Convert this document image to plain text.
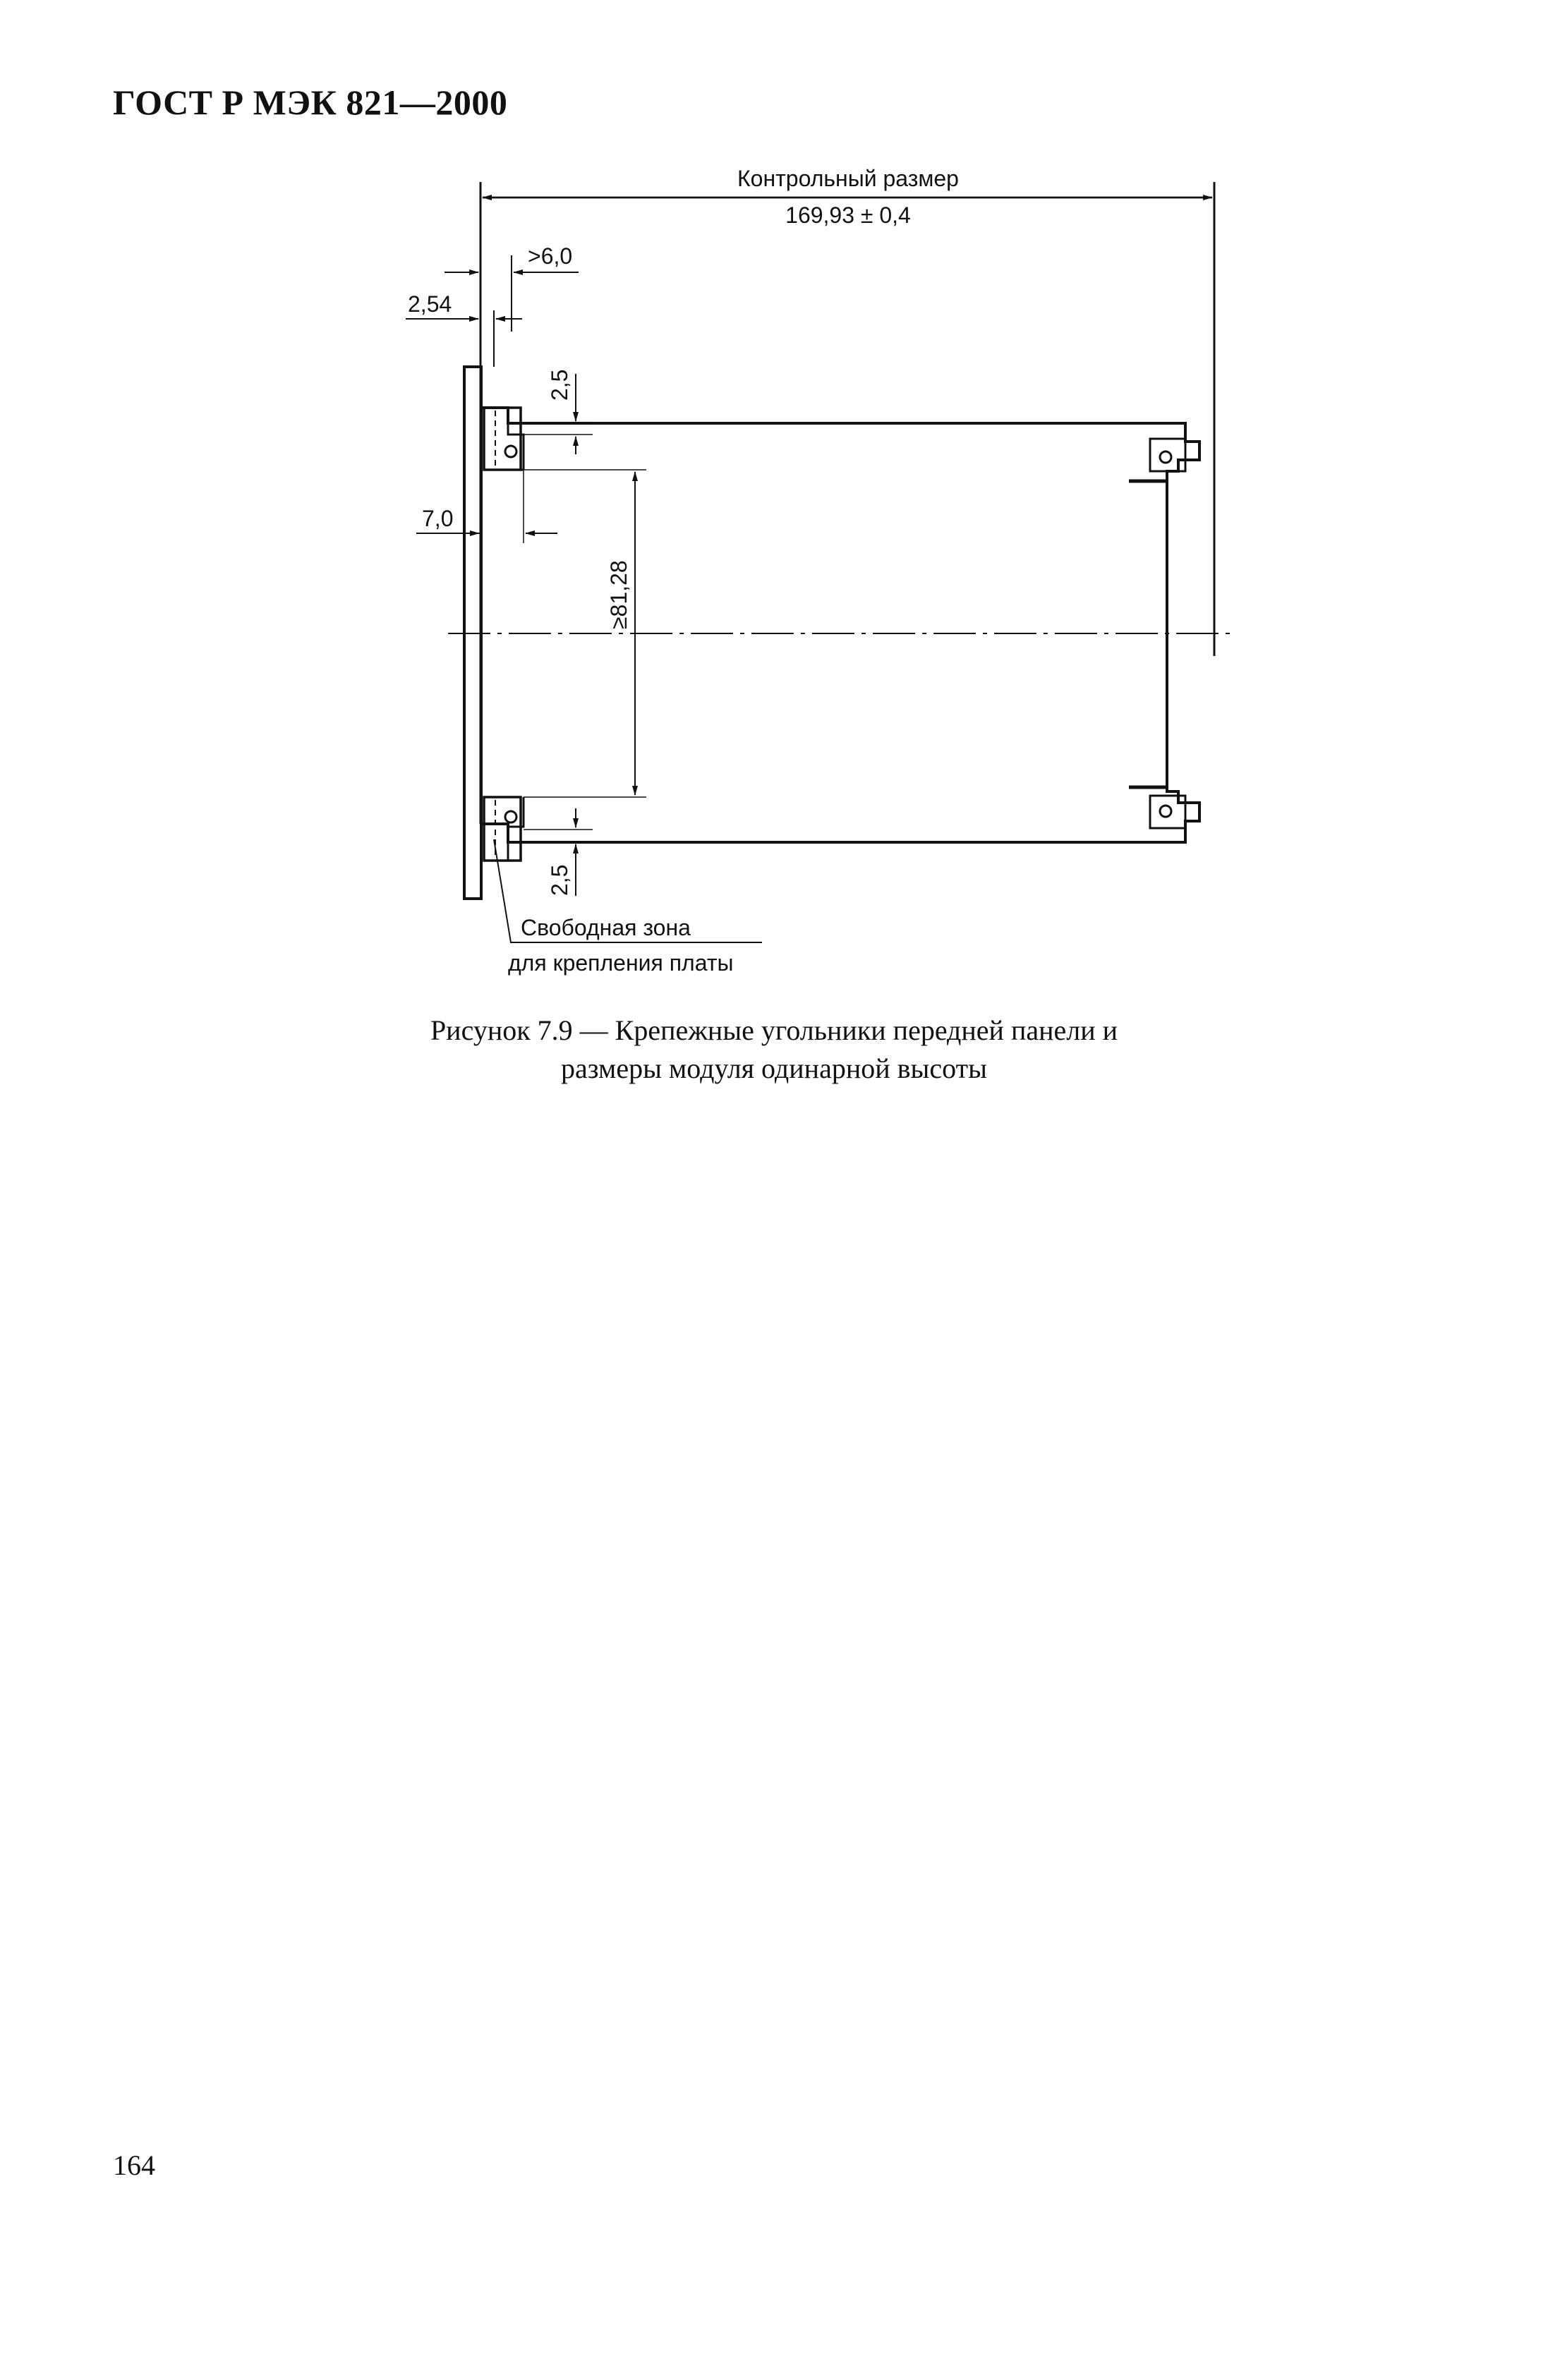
ГОСТ Р МЭК 821—2000
Контрольный размер
169,93 ± 0,4
>6,0
2,54
2,5
7,0
≥81,28
2,5
Свободная зона
для крепления платы
Рисунок 7.9 — Крепежные угольники передней панели и
размеры модуля одинарной высоты
164
